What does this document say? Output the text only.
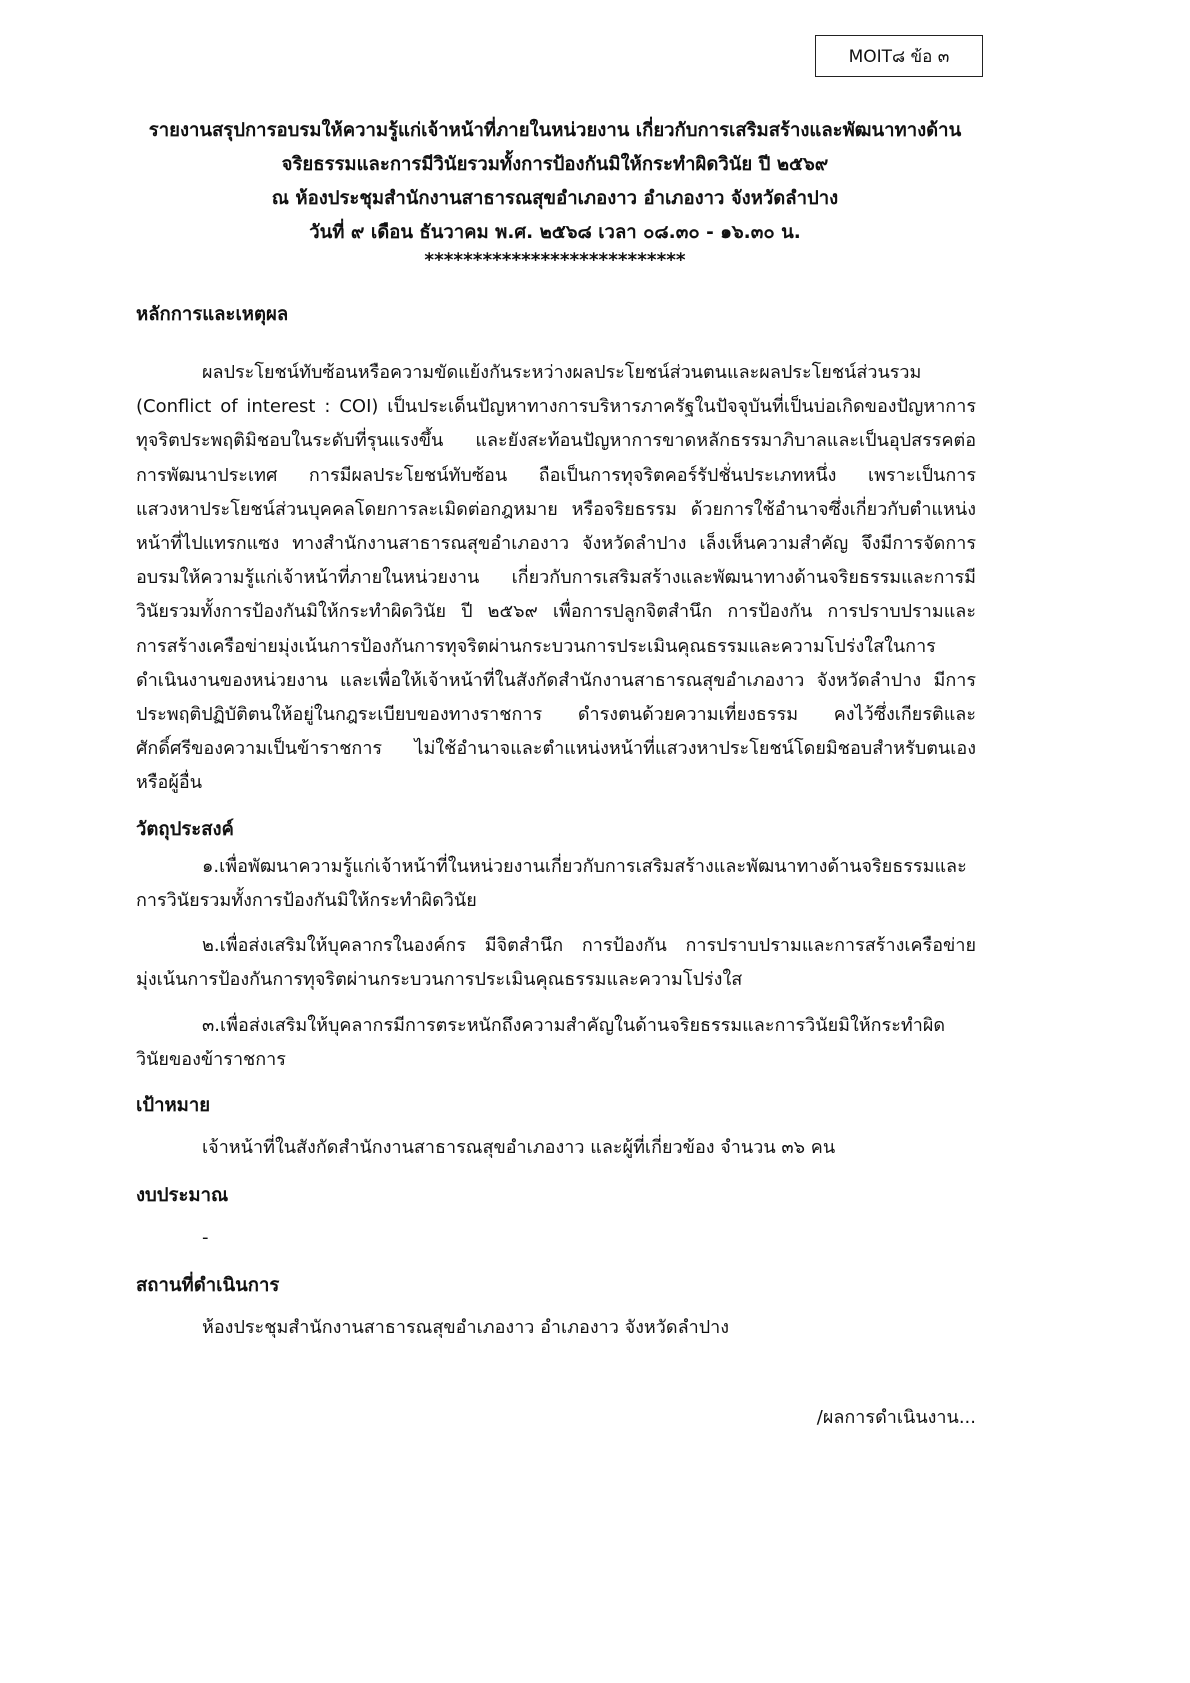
MOIT๘ ข้อ ๓
รายงานสรุปการอบรมให้ความรู้แก่เจ้าหน้าที่ภายในหน่วยงาน เกี่ยวกับการเสริมสร้างและพัฒนาทางด้าน
จริยธรรมและการมีวินัยรวมทั้งการป้องกันมิให้กระทำผิดวินัย ปี ๒๕๖๙
ณ ห้องประชุมสำนักงานสาธารณสุขอำเภองาว อำเภองาว จังหวัดลำปาง
วันที่ ๙ เดือน ธันวาคม พ.ศ. ๒๕๖๘ เวลา ๐๘.๓๐ - ๑๖.๓๐ น.
***************************
หลักการและเหตุผล
ผลประโยชน์ทับซ้อนหรือความขัดแย้งกันระหว่างผลประโยชน์ส่วนตนและผลประโยชน์ส่วนรวม
(Conflict of interest : COI) เป็นประเด็นปัญหาทางการบริหารภาครัฐในปัจจุบันที่เป็นบ่อเกิดของปัญหาการ
ทุจริตประพฤติมิชอบในระดับที่รุนแรงขึ้น และยังสะท้อนปัญหาการขาดหลักธรรมาภิบาลและเป็นอุปสรรคต่อ
การพัฒนาประเทศ การมีผลประโยชน์ทับซ้อน ถือเป็นการทุจริตคอร์รัปชั่นประเภทหนึ่ง เพราะเป็นการ
แสวงหาประโยชน์ส่วนบุคคลโดยการละเมิดต่อกฎหมาย หรือจริยธรรม ด้วยการใช้อำนาจซึ่งเกี่ยวกับตำแหน่ง
หน้าที่ไปแทรกแซง ทางสำนักงานสาธารณสุขอำเภองาว จังหวัดลำปาง เล็งเห็นความสำคัญ จึงมีการจัดการ
อบรมให้ความรู้แก่เจ้าหน้าที่ภายในหน่วยงาน เกี่ยวกับการเสริมสร้างและพัฒนาทางด้านจริยธรรมและการมี
วินัยรวมทั้งการป้องกันมิให้กระทำผิดวินัย ปี ๒๕๖๙ เพื่อการปลูกจิตสำนึก การป้องกัน การปราบปรามและ
การสร้างเครือข่ายมุ่งเน้นการป้องกันการทุจริตผ่านกระบวนการประเมินคุณธรรมและความโปร่งใสในการ
ดำเนินงานของหน่วยงาน และเพื่อให้เจ้าหน้าที่ในสังกัดสำนักงานสาธารณสุขอำเภองาว จังหวัดลำปาง มีการ
ประพฤติปฏิบัติตนให้อยู่ในกฎระเบียบของทางราชการ ดำรงตนด้วยความเที่ยงธรรม คงไว้ซึ่งเกียรติและ
ศักดิ์ศรีของความเป็นข้าราชการ ไม่ใช้อำนาจและตำแหน่งหน้าที่แสวงหาประโยชน์โดยมิชอบสำหรับตนเอง
หรือผู้อื่น
วัตถุประสงค์
๑.เพื่อพัฒนาความรู้แก่เจ้าหน้าที่ในหน่วยงานเกี่ยวกับการเสริมสร้างและพัฒนาทางด้านจริยธรรมและ
การวินัยรวมทั้งการป้องกันมิให้กระทำผิดวินัย
๒.เพื่อส่งเสริมให้บุคลากรในองค์กร มีจิตสำนึก การป้องกัน การปราบปรามและการสร้างเครือข่าย
มุ่งเน้นการป้องกันการทุจริตผ่านกระบวนการประเมินคุณธรรมและความโปร่งใส
๓.เพื่อส่งเสริมให้บุคลากรมีการตระหนักถึงความสำคัญในด้านจริยธรรมและการวินัยมิให้กระทำผิด
วินัยของข้าราชการ
เป้าหมาย
เจ้าหน้าที่ในสังกัดสำนักงานสาธารณสุขอำเภองาว และผู้ที่เกี่ยวข้อง จำนวน ๓๖ คน
งบประมาณ
-
สถานที่ดำเนินการ
ห้องประชุมสำนักงานสาธารณสุขอำเภองาว อำเภองาว จังหวัดลำปาง
/ผลการดำเนินงาน...
